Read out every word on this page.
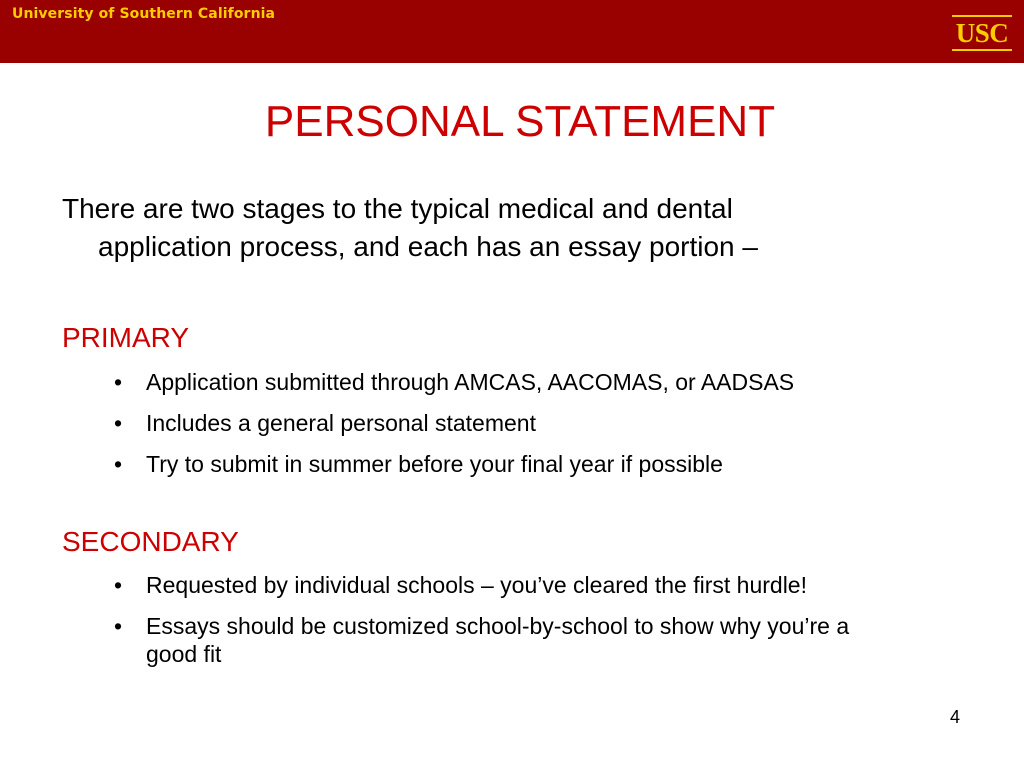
University of Southern California
USC
PERSONAL STATEMENT
There are two stages to the typical medical and dental
application process, and each has an essay portion –
PRIMARY
• Application submitted through AMCAS, AACOMAS, or AADSAS
• Includes a general personal statement
• Try to submit in summer before your final year if possible
SECONDARY
• Requested by individual schools – you’ve cleared the first hurdle!
• Essays should be customized school-by-school to show why you’re a good fit
4
